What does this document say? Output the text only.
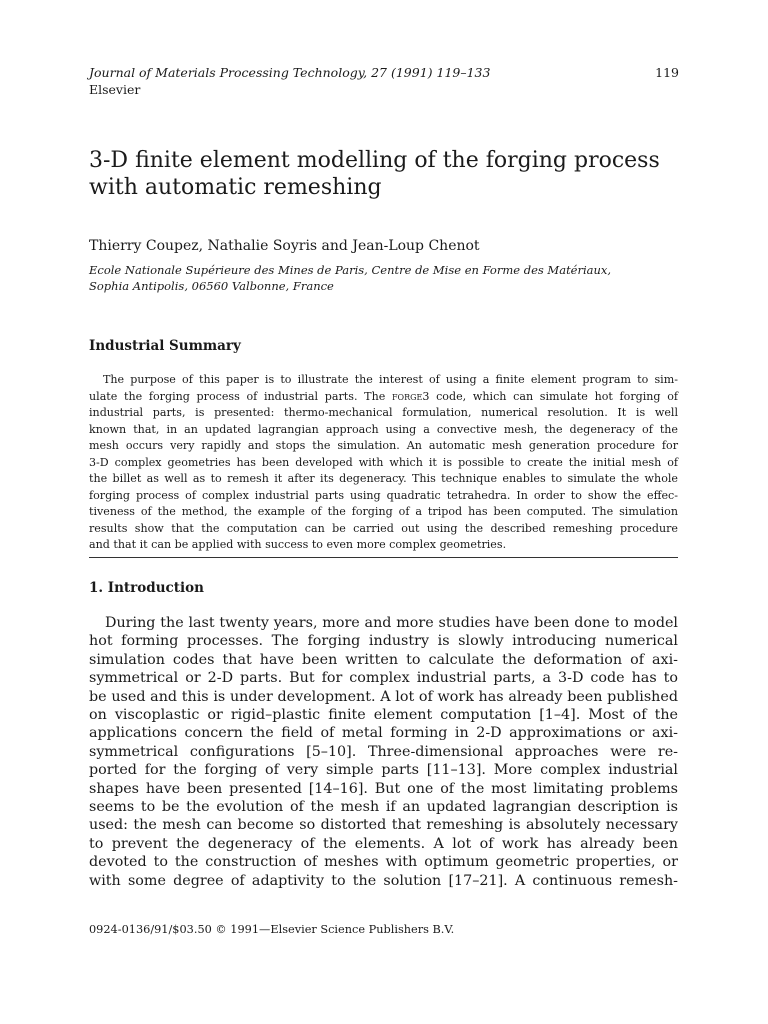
Journal of Materials Processing Technology, 27 (1991) 119–133
Elsevier
119
3-D finite element modelling of the forging process with automatic remeshing
Thierry Coupez, Nathalie Soyris and Jean-Loup Chenot
Ecole Nationale Supérieure des Mines de Paris, Centre de Mise en Forme des Matériaux,
Sophia Antipolis, 06560 Valbonne, France
Industrial Summary
The purpose of this paper is to illustrate the interest of using a finite element program to sim-
ulate the forging process of industrial parts. The forge3 code, which can simulate hot forging of
industrial parts, is presented: thermo-mechanical formulation, numerical resolution. It is well
known that, in an updated lagrangian approach using a convective mesh, the degeneracy of the
mesh occurs very rapidly and stops the simulation. An automatic mesh generation procedure for
3-D complex geometries has been developed with which it is possible to create the initial mesh of
the billet as well as to remesh it after its degeneracy. This technique enables to simulate the whole
forging process of complex industrial parts using quadratic tetrahedra. In order to show the effec-
tiveness of the method, the example of the forging of a tripod has been computed. The simulation
results show that the computation can be carried out using the described remeshing procedure
and that it can be applied with success to even more complex geometries.
1. Introduction
During the last twenty years, more and more studies have been done to model
hot forming processes. The forging industry is slowly introducing numerical
simulation codes that have been written to calculate the deformation of axi-
symmetrical or 2-D parts. But for complex industrial parts, a 3-D code has to
be used and this is under development. A lot of work has already been published
on viscoplastic or rigid–plastic finite element computation [1–4]. Most of the
applications concern the field of metal forming in 2-D approximations or axi-
symmetrical configurations [5–10]. Three-dimensional approaches were re-
ported for the forging of very simple parts [11–13]. More complex industrial
shapes have been presented [14–16]. But one of the most limitating problems
seems to be the evolution of the mesh if an updated lagrangian description is
used: the mesh can become so distorted that remeshing is absolutely necessary
to prevent the degeneracy of the elements. A lot of work has already been
devoted to the construction of meshes with optimum geometric properties, or
with some degree of adaptivity to the solution [17–21]. A continuous remesh-
0924-0136/91/$03.50 © 1991—Elsevier Science Publishers B.V.
